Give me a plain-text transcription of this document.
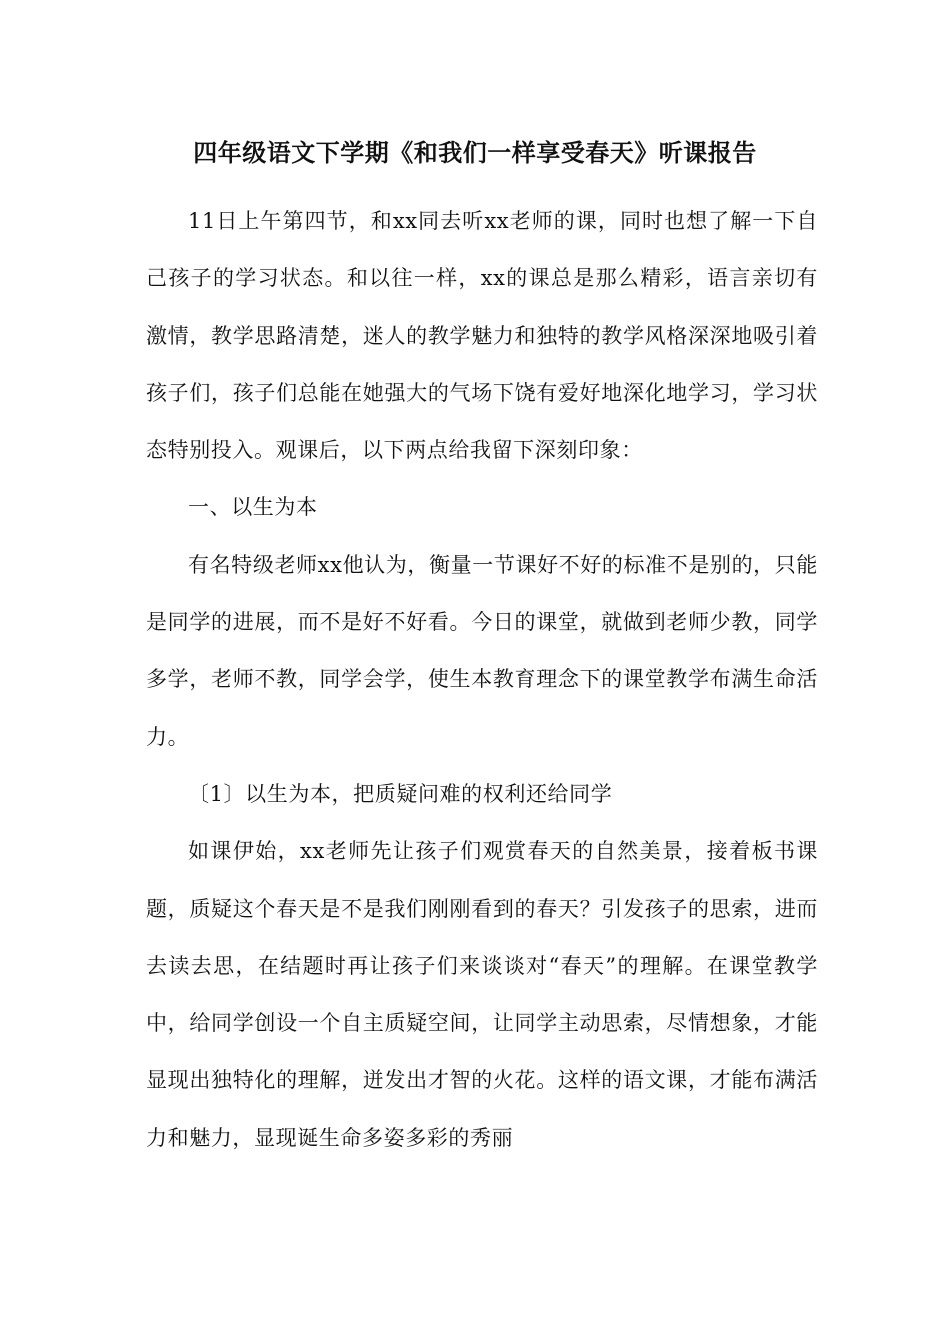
四年级语文下学期《和我们一样享受春天》听课报告

11日上午第四节，和xx同去听xx老师的课，同时也想了解一下自己孩子的学习状态。和以往一样，xx的课总是那么精彩，语言亲切有激情，教学思路清楚，迷人的教学魅力和独特的教学风格深深地吸引着孩子们，孩子们总能在她强大的气场下饶有爱好地深化地学习，学习状态特别投入。观课后，以下两点给我留下深刻印象：

一、以生为本

有名特级老师xx他认为，衡量一节课好不好的标准不是别的，只能是同学的进展，而不是好不好看。今日的课堂，就做到老师少教，同学多学，老师不教，同学会学，使生本教育理念下的课堂教学布满生命活力。

〔1〕以生为本，把质疑问难的权利还给同学

如课伊始，xx老师先让孩子们观赏春天的自然美景，接着板书课题，质疑这个春天是不是我们刚刚看到的春天？引发孩子的思索，进而去读去思，在结题时再让孩子们来谈谈对“春天”的理解。在课堂教学中，给同学创设一个自主质疑空间，让同学主动思索，尽情想象，才能显现出独特化的理解，迸发出才智的火花。这样的语文课，才能布满活力和魅力，显现诞生命多姿多彩的秀丽
